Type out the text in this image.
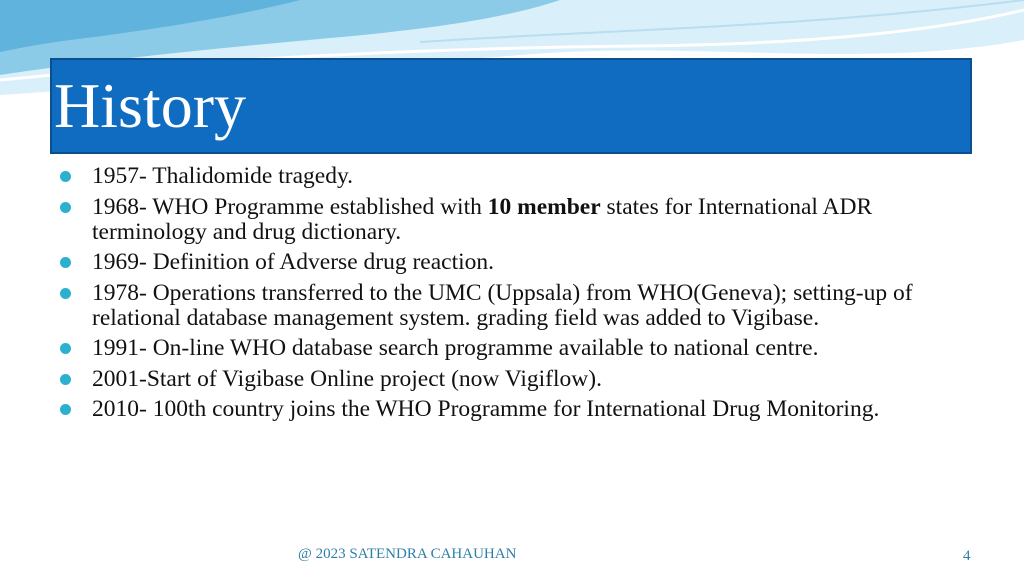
History
1957- Thalidomide tragedy.
1968- WHO Programme established with 10 member states for International ADR terminology and drug dictionary.
1969- Definition of Adverse drug reaction.
1978- Operations transferred to the UMC (Uppsala) from WHO(Geneva); setting-up of relational database management system. grading field was added to Vigibase.
1991- On-line WHO database search programme available to national centre.
2001-Start of Vigibase Online project (now Vigiflow).
2010- 100th country joins the WHO Programme for International Drug Monitoring.
@ 2023 SATENDRA CAHAUHAN	4
